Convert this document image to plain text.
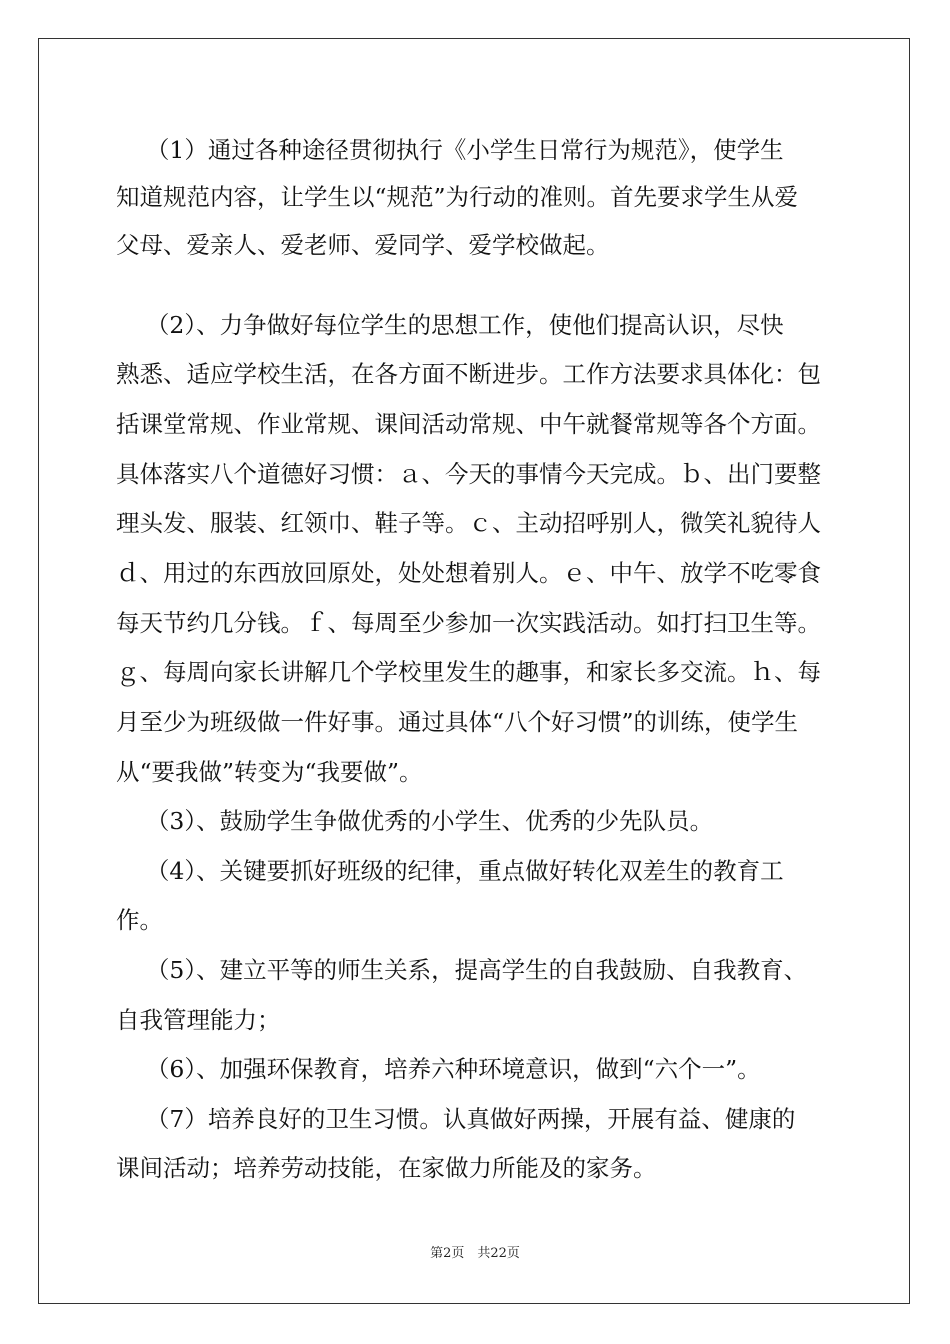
（1）通过各种途径贯彻执行《小学生日常行为规范》，使学生
知道规范内容，让学生以“规范”为行动的准则。首先要求学生从爱
父母、爱亲人、爱老师、爱同学、爱学校做起。
（2）、力争做好每位学生的思想工作，使他们提高认识，尽快
熟悉、适应学校生活，在各方面不断进步。工作方法要求具体化：包
括课堂常规、作业常规、课间活动常规、中午就餐常规等各个方面。
具体落实八个道德好习惯：ａ、今天的事情今天完成。ｂ、出门要整
理头发、服装、红领巾、鞋子等。ｃ、主动招呼别人，微笑礼貌待人
ｄ、用过的东西放回原处，处处想着别人。ｅ、中午、放学不吃零食
每天节约几分钱。ｆ、每周至少参加一次实践活动。如打扫卫生等。
ｇ、每周向家长讲解几个学校里发生的趣事，和家长多交流。ｈ、每
月至少为班级做一件好事。通过具体“八个好习惯”的训练，使学生
从“要我做”转变为“我要做”。
（3）、鼓励学生争做优秀的小学生、优秀的少先队员。
（4）、关键要抓好班级的纪律，重点做好转化双差生的教育工
作。
（5）、建立平等的师生关系，提高学生的自我鼓励、自我教育、
自我管理能力；
（6）、加强环保教育，培养六种环境意识，做到“六个一”。
（7）培养良好的卫生习惯。认真做好两操，开展有益、健康的
课间活动；培养劳动技能，在家做力所能及的家务。
第2页　共22页
